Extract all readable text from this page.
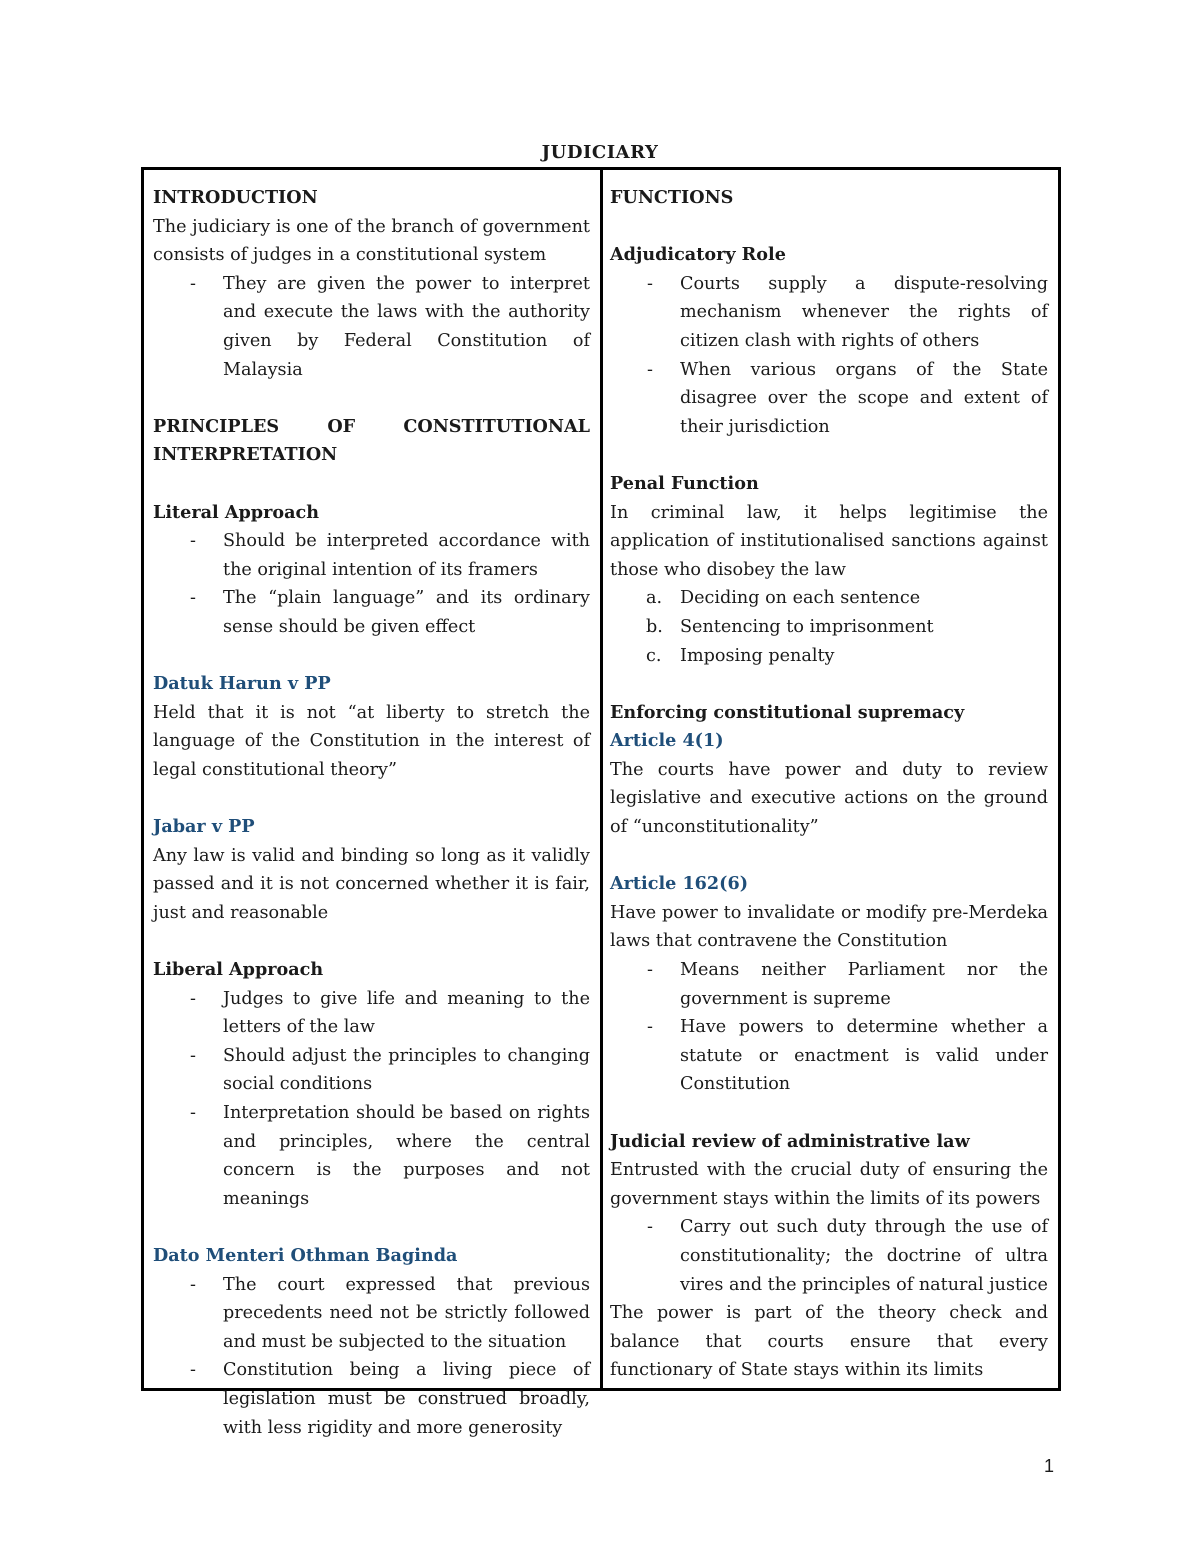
JUDICIARY
INTRODUCTION
The judiciary is one of the branch of government consists of judges in a constitutional system
- They are given the power to interpret and execute the laws with the authority given by Federal Constitution of Malaysia
PRINCIPLES OF CONSTITUTIONAL INTERPRETATION
Literal Approach
- Should be interpreted accordance with the original intention of its framers
- The “plain language” and its ordinary sense should be given effect
Datuk Harun v PP
Held that it is not “at liberty to stretch the language of the Constitution in the interest of legal constitutional theory”
Jabar v PP
Any law is valid and binding so long as it validly passed and it is not concerned whether it is fair, just and reasonable
Liberal Approach
- Judges to give life and meaning to the letters of the law
- Should adjust the principles to changing social conditions
- Interpretation should be based on rights and principles, where the central concern is the purposes and not meanings
Dato Menteri Othman Baginda
- The court expressed that previous precedents need not be strictly followed and must be subjected to the situation
- Constitution being a living piece of legislation must be construed broadly, with less rigidity and more generosity
FUNCTIONS
Adjudicatory Role
- Courts supply a dispute-resolving mechanism whenever the rights of citizen clash with rights of others
- When various organs of the State disagree over the scope and extent of their jurisdiction
Penal Function
In criminal law, it helps legitimise the application of institutionalised sanctions against those who disobey the law
a. Deciding on each sentence
b. Sentencing to imprisonment
c. Imposing penalty
Enforcing constitutional supremacy
Article 4(1)
The courts have power and duty to review legislative and executive actions on the ground of “unconstitutionality”
Article 162(6)
Have power to invalidate or modify pre-Merdeka laws that contravene the Constitution
- Means neither Parliament nor the government is supreme
- Have powers to determine whether a statute or enactment is valid under Constitution
Judicial review of administrative law
Entrusted with the crucial duty of ensuring the government stays within the limits of its powers
- Carry out such duty through the use of constitutionality; the doctrine of ultra vires and the principles of natural justice
The power is part of the theory check and balance that courts ensure that every functionary of State stays within its limits
1
